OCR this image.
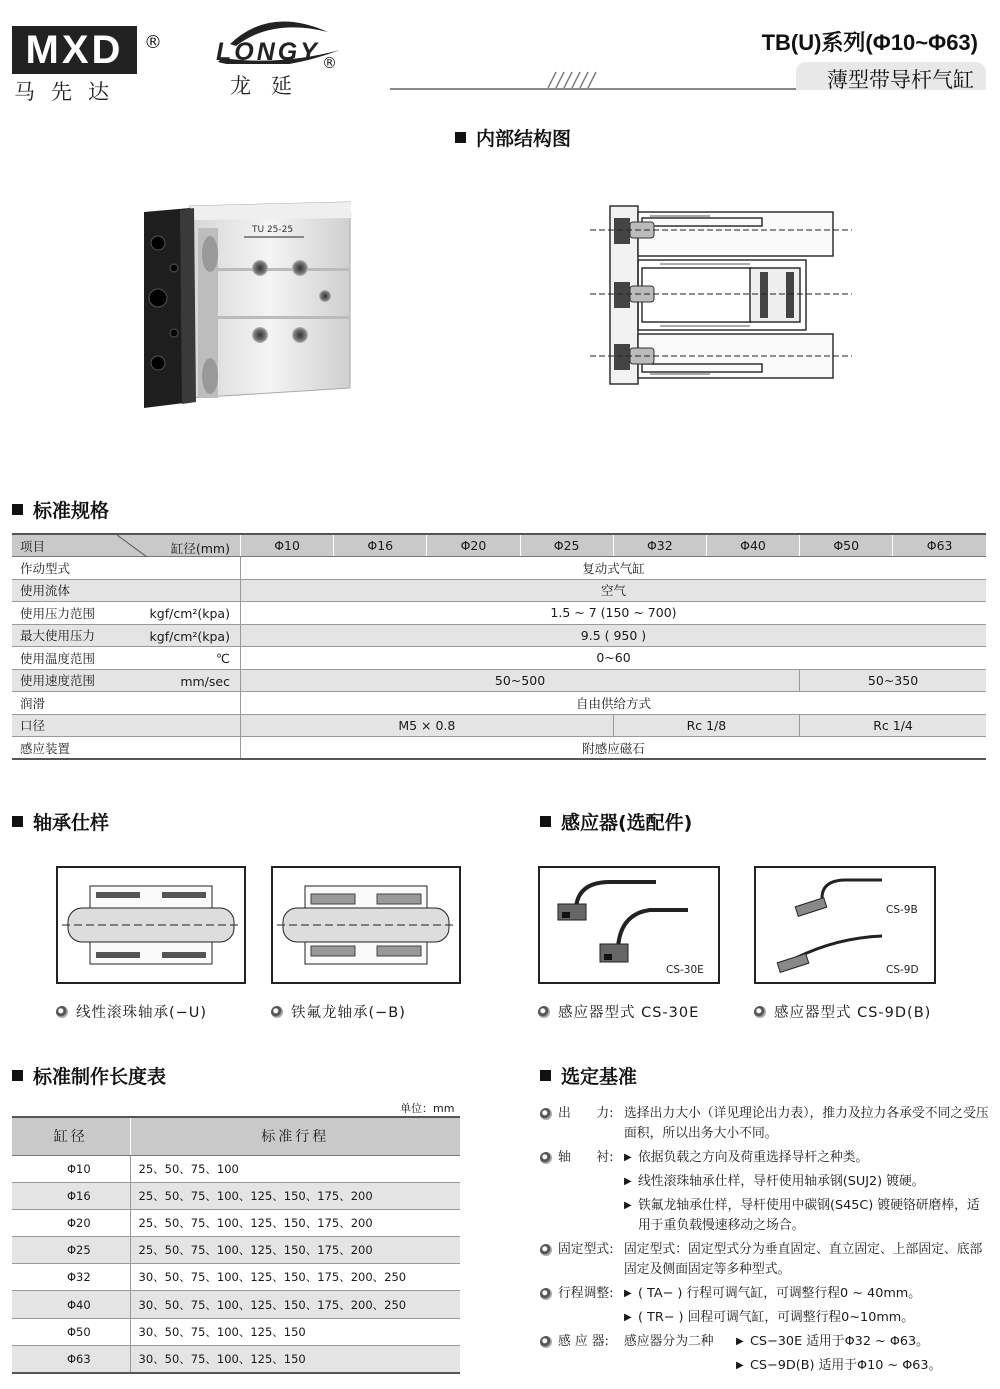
MXD
马先达
® LONGY ®
龙延
TB(U)系列(Φ10~Φ63)
薄型带导杆气缸
内部结构图
TU 25-25
标准规格
项目 缸径(mm)	Φ10	Φ16	Φ20	Φ25	Φ32	Φ40	Φ50	Φ63
作动型式	复动式气缸							
使用流体	空气							
使用压力范围 kgf/cm²(kpa)	1.5 ~ 7 (150 ~ 700)							
最大使用压力 kgf/cm²(kpa)	9.5 ( 950 )							
使用温度范围 ℃	0~60							
使用速度范围 mm/sec	50~500						50~350	
润滑	自由供给方式							
口径	M5 × 0.8				Rc 1/8		Rc 1/4	
感应装置	附感应磁石							
轴承仕样
线性滚珠轴承(−U)	铁氟龙轴承(−B)
感应器(选配件)
CS-30E
感应器型式 CS-30E
CS-9B
CS-9D
感应器型式 CS-9D(B)
标准制作长度表
单位：mm
缸径	标准行程
Φ10	25、50、75、100
Φ16	25、50、75、100、125、150、175、200
Φ20	25、50、75、100、125、150、175、200
Φ25	25、50、75、100、125、150、175、200
Φ32	30、50、75、100、125、150、175、200、250
Φ40	30、50、75、100、125、150、175、200、250
Φ50	30、50、75、100、125、150
Φ63	30、50、75、100、125、150
选定基准
出　　力: 选择出力大小（详见理论出力表），推力及拉力各承受不同之受压面积，所以出务大小不同。
轴　　衬:	▶ 依据负载之方向及荷重选择导杆之种类。
▶ 线性滚珠轴承仕样，导杆使用轴承钢(SUJ2) 镀硬。
▶ 铁氟龙轴承仕样，导杆使用中碳钢(S45C) 镀硬铬研磨棒，适用于重负载慢速移动之场合。
固定型式: 固定型式：固定型式分为垂直固定、直立固定、上部固定、底部固定及侧面固定等多种型式。
行程调整:	▶ ( TA− ) 行程可调气缸，可调整行程0 ~ 40mm。
▶ ( TR− ) 回程可调气缸，可调整行程0~10mm。
感 应 器: 感应器分为二种	▶ CS−30E 适用于Φ32 ~ Φ63。
▶ CS−9D(B) 适用于Φ10 ~ Φ63。
